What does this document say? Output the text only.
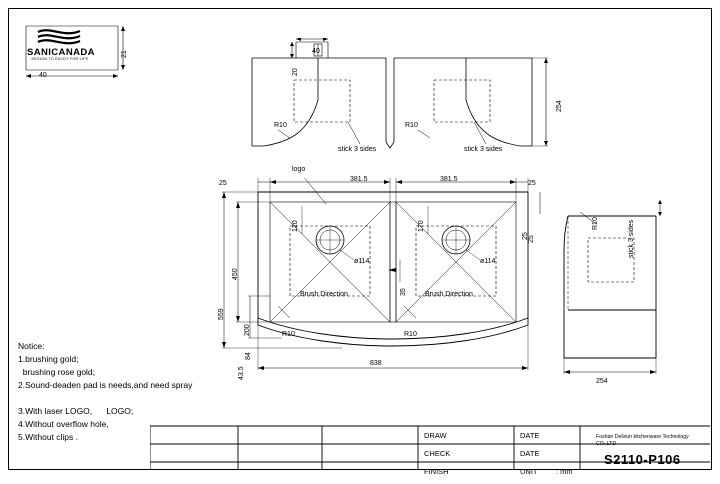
SANICANADA
DESIGN TO ENJOY FOR LIFE
40
21	40
20
254
R10	R10
stick 3 sides	stick 3 sides
logo
25	25
381.5	381.5
838
559
450
200
84
43.5
25
120	170
ø114	ø114
35
Brush Direction	Brush Direction
R10	R10
R10	stick 3 sides
25
254
Notice:
1.brushing gold;
brushing rose gold;
2.Sound-deaden pad is needs,and need spray
3.With laser LOGO,      LOGO;
4.Without overflow hole,
5.Without clips .	DRAW	DATE
CHECK	DATE
FINISH	UNIT : mm
Foshan Delixun kitchenware Technology CO.,LTD
S2110-P106
